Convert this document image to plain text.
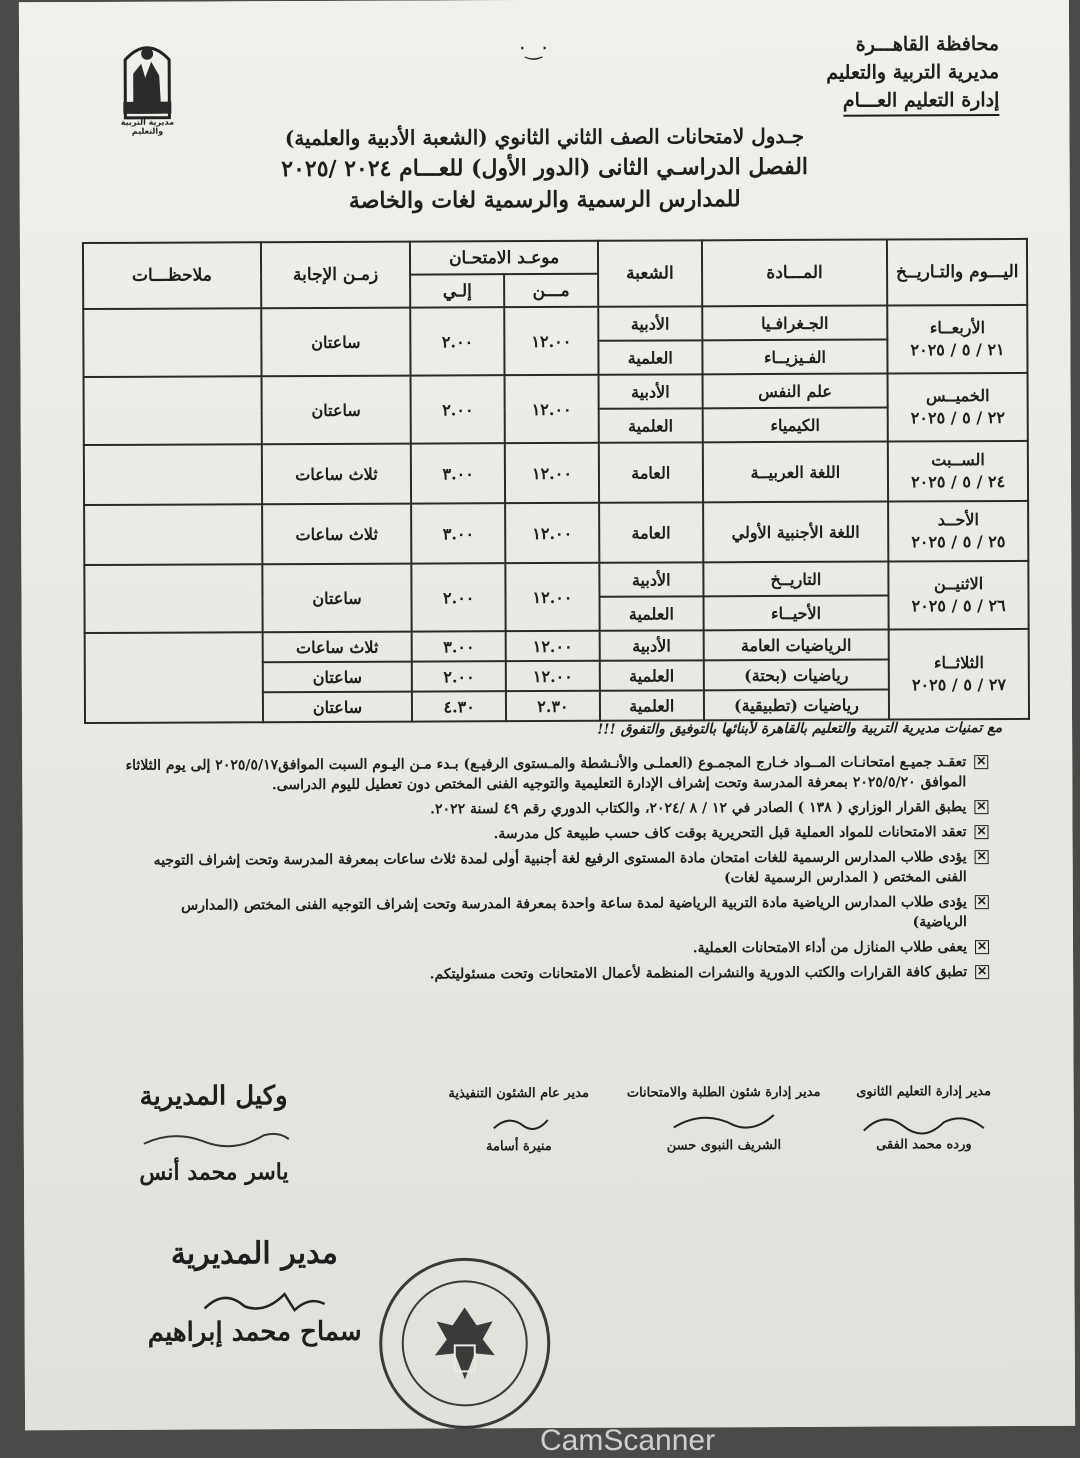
·‿·	محافظة القاهـــرة
مديرية التربية والتعليم
إدارة التعليم العـــام
مديرية التربية والتعليم	جـدول لامتحانات الصف الثاني الثانوي (الشعبة الأدبية والعلمية)
الفصل الدراسـي الثانى (الدور الأول) للعـــام ٢٠٢٤ /٢٠٢٥
للمدارس الرسمية والرسمية لغات والخاصة
اليـــوم والتـاريــخ	المـــادة	الشعبة	موعـد الامتحـان		زمـن الإجابة	ملاحظـــات
			مـــن	إلـي		

الأربعــاء
٢١ / ٥ / ٢٠٢٥	الجـغرافـيا	الأدبية	١٢.٠٠	٢.٠٠	ساعتان	
	الفـيزيــاء	العلمية				

الخميــس
٢٢ / ٥ / ٢٠٢٥	علم النفس	الأدبية	١٢.٠٠	٢.٠٠	ساعتان	
	الكيمياء	العلمية				

الســبت
٢٤ / ٥ / ٢٠٢٥	اللغة العربيــة	العامة	١٢.٠٠	٣.٠٠	ثلاث ساعات	

الأحــد
٢٥ / ٥ / ٢٠٢٥	اللغة الأجنبية الأولي	العامة	١٢.٠٠	٣.٠٠	ثلاث ساعات	

الاثنيــن
٢٦ / ٥ / ٢٠٢٥	التاريــخ	الأدبية	١٢.٠٠	٢.٠٠	ساعتان	
	الأحيــاء	العلمية				

الثلاثــاء
٢٧ / ٥ / ٢٠٢٥	الرياضيات العامة	الأدبية	١٢.٠٠	٣.٠٠	ثلاث ساعات	
	رياضيات (بحتة)	العلمية	١٢.٠٠	٢.٠٠	ساعتان	
	رياضيات (تطبيقية)	العلمية	٢.٣٠	٤.٣٠	ساعتان	
مع تمنيات مديرية التربية والتعليم بالقاهرة لأبنائها بالتوفيق والتفوق !!!
✕
تعقـد جميـع امتحانـات المــواد خـارج المجمـوع (العملـى والأنـشطة والمـستوى الرفيـع) بـدء مـن اليـوم السبت الموافق٢٠٢٥/٥/١٧ إلى يوم الثلاثاء الموافق ٢٠٢٥/٥/٢٠ بمعرفة المدرسة وتحت إشراف الإدارة التعليمية والتوجيه الفنى المختص دون تعطيل لليوم الدراسى.
✕
يطبق القرار الوزاري ( ١٣٨ ) الصادر في ١٢ / ٨ /٢٠٢٤، والكتاب الدوري رقم ٤٩ لسنة ٢٠٢٢.
✕
تعقد الامتحانات للمواد العملية قبل التحريرية بوقت كاف حسب طبيعة كل مدرسة.
✕
يؤدى طلاب المدارس الرسمية للغات امتحان مادة المستوى الرفيع لغة أجنبية أولى لمدة ثلاث ساعات بمعرفة المدرسة وتحت إشراف التوجيه الفنى المختص ( المدارس الرسمية لغات)
✕
يؤدى طلاب المدارس الرياضية مادة التربية الرياضية لمدة ساعة واحدة بمعرفة المدرسة وتحت إشراف التوجيه الفنى المختص (المدارس الرياضية)
✕
يعفى طلاب المنازل من أداء الامتحانات العملية.
✕
تطبق كافة القرارات والكتب الدورية والنشرات المنظمة لأعمال الامتحانات وتحت مسئوليتكم.
مدير إدارة التعليم الثانوى
ورده محمد الفقى
مدير إدارة شئون الطلبة والامتحانات
الشريف النبوى حسن
مدير عام الشئون التنفيذية
منيرة أسامة
وكيل المديرية
ياسر محمد أنس
مدير المديرية
سماح محمد إبراهيم
CamScanner
